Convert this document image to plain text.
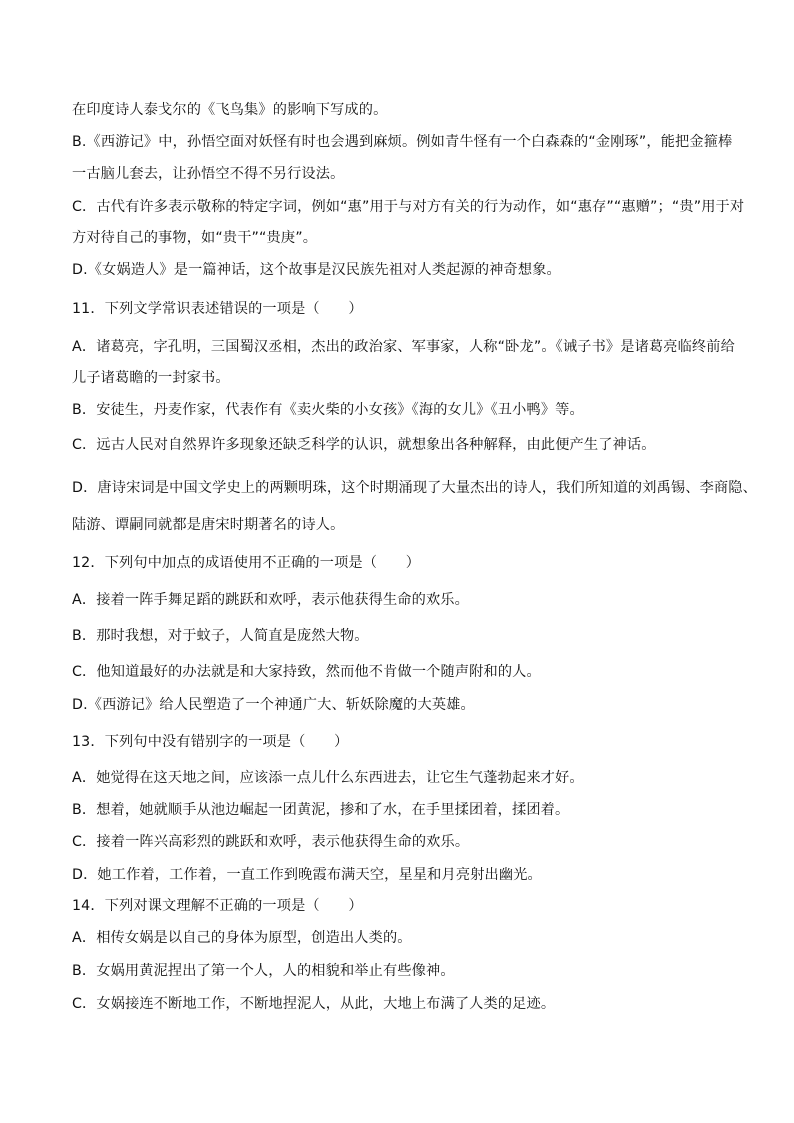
在印度诗人泰戈尔的《飞鸟集》的影响下写成的。
B.《西游记》中，孙悟空面对妖怪有时也会遇到麻烦。例如青牛怪有一个白森森的“金刚琢”，能把金箍棒
一古脑儿套去，让孙悟空不得不另行设法。
C．古代有许多表示敬称的特定字词，例如“惠”用于与对方有关的行为动作，如“惠存”“惠赠”；“贵”用于对
方对待自己的事物，如“贵干”“贵庚”。
D.《女娲造人》是一篇神话，这个故事是汉民族先祖对人类起源的神奇想象。
11．下列文学常识表述错误的一项是（　　）
A．诸葛亮，字孔明，三国蜀汉丞相，杰出的政治家、军事家，人称“卧龙”。《诫子书》是诸葛亮临终前给
儿子诸葛瞻的一封家书。
B．安徒生，丹麦作家，代表作有《卖火柴的小女孩》《海的女儿》《丑小鸭》等。
C．远古人民对自然界许多现象还缺乏科学的认识，就想象出各种解释，由此便产生了神话。
D．唐诗宋词是中国文学史上的两颗明珠，这个时期涌现了大量杰出的诗人，我们所知道的刘禹锡、李商隐、
陆游、谭嗣同就都是唐宋时期著名的诗人。
12．下列句中加点的成语使用不正确的一项是（　　）
A．接着一阵手舞足蹈的跳跃和欢呼，表示他获得生命的欢乐。
B．那时我想，对于蚊子，人简直是庞然大物。
C．他知道最好的办法就是和大家持致，然而他不肯做一个随声附和的人。
D.《西游记》给人民塑造了一个神通广大、斩妖除魔的大英雄。
13．下列句中没有错别字的一项是（　　）
A．她觉得在这天地之间，应该添一点儿什么东西进去，让它生气蓬勃起来才好。
B．想着，她就顺手从池边崛起一团黄泥，掺和了水，在手里揉团着，揉团着。
C．接着一阵兴高彩烈的跳跃和欢呼，表示他获得生命的欢乐。
D．她工作着，工作着，一直工作到晚霞布满天空，星星和月亮射出幽光。
14．下列对课文理解不正确的一项是（　　）
A．相传女娲是以自己的身体为原型，创造出人类的。
B．女娲用黄泥捏出了第一个人，人的相貌和举止有些像神。
C．女娲接连不断地工作，不断地捏泥人，从此，大地上布满了人类的足迹。
